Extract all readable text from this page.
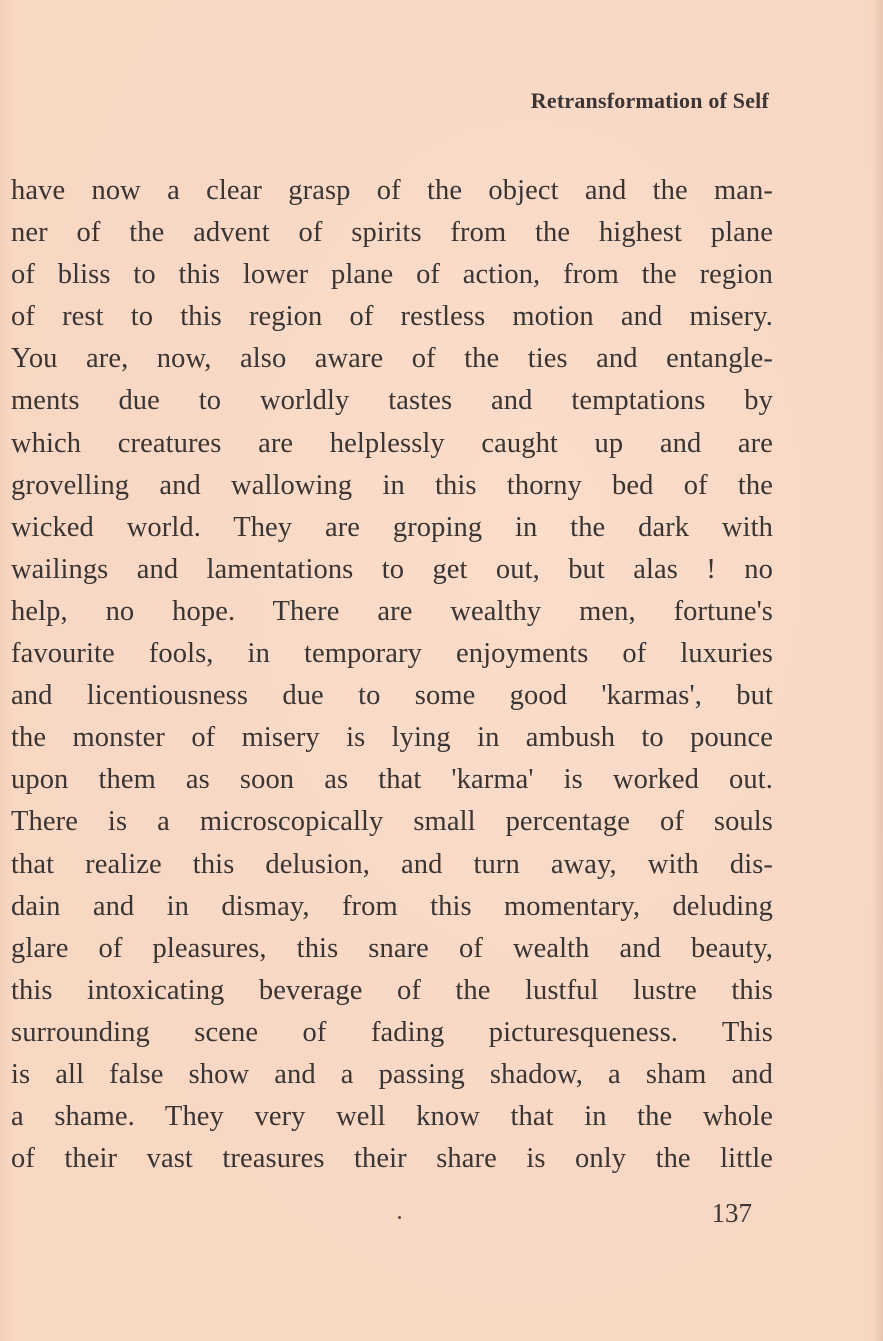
Retransformation of Self
have now a clear grasp of the object and the man-
ner of the advent of spirits from the highest plane
of bliss to this lower plane of action, from the region
of rest to this region of restless motion and misery.
You are, now, also aware of the ties and entangle-
ments due to worldly tastes and temptations by
which creatures are helplessly caught up and are
grovelling and wallowing in this thorny bed of the
wicked world. They are groping in the dark with
wailings and lamentations to get out, but alas ! no
help, no hope. There are wealthy men, fortune's
favourite fools, in temporary enjoyments of luxuries
and licentiousness due to some good 'karmas', but
the monster of misery is lying in ambush to pounce
upon them as soon as that 'karma' is worked out.
There is a microscopically small percentage of souls
that realize this delusion, and turn away, with dis-
dain and in dismay, from this momentary, deluding
glare of pleasures, this snare of wealth and beauty,
this intoxicating beverage of the lustful lustre this
surrounding scene of fading picturesqueness. This
is all false show and a passing shadow, a sham and
a shame. They very well know that in the whole
of their vast treasures their share is only the little
137
